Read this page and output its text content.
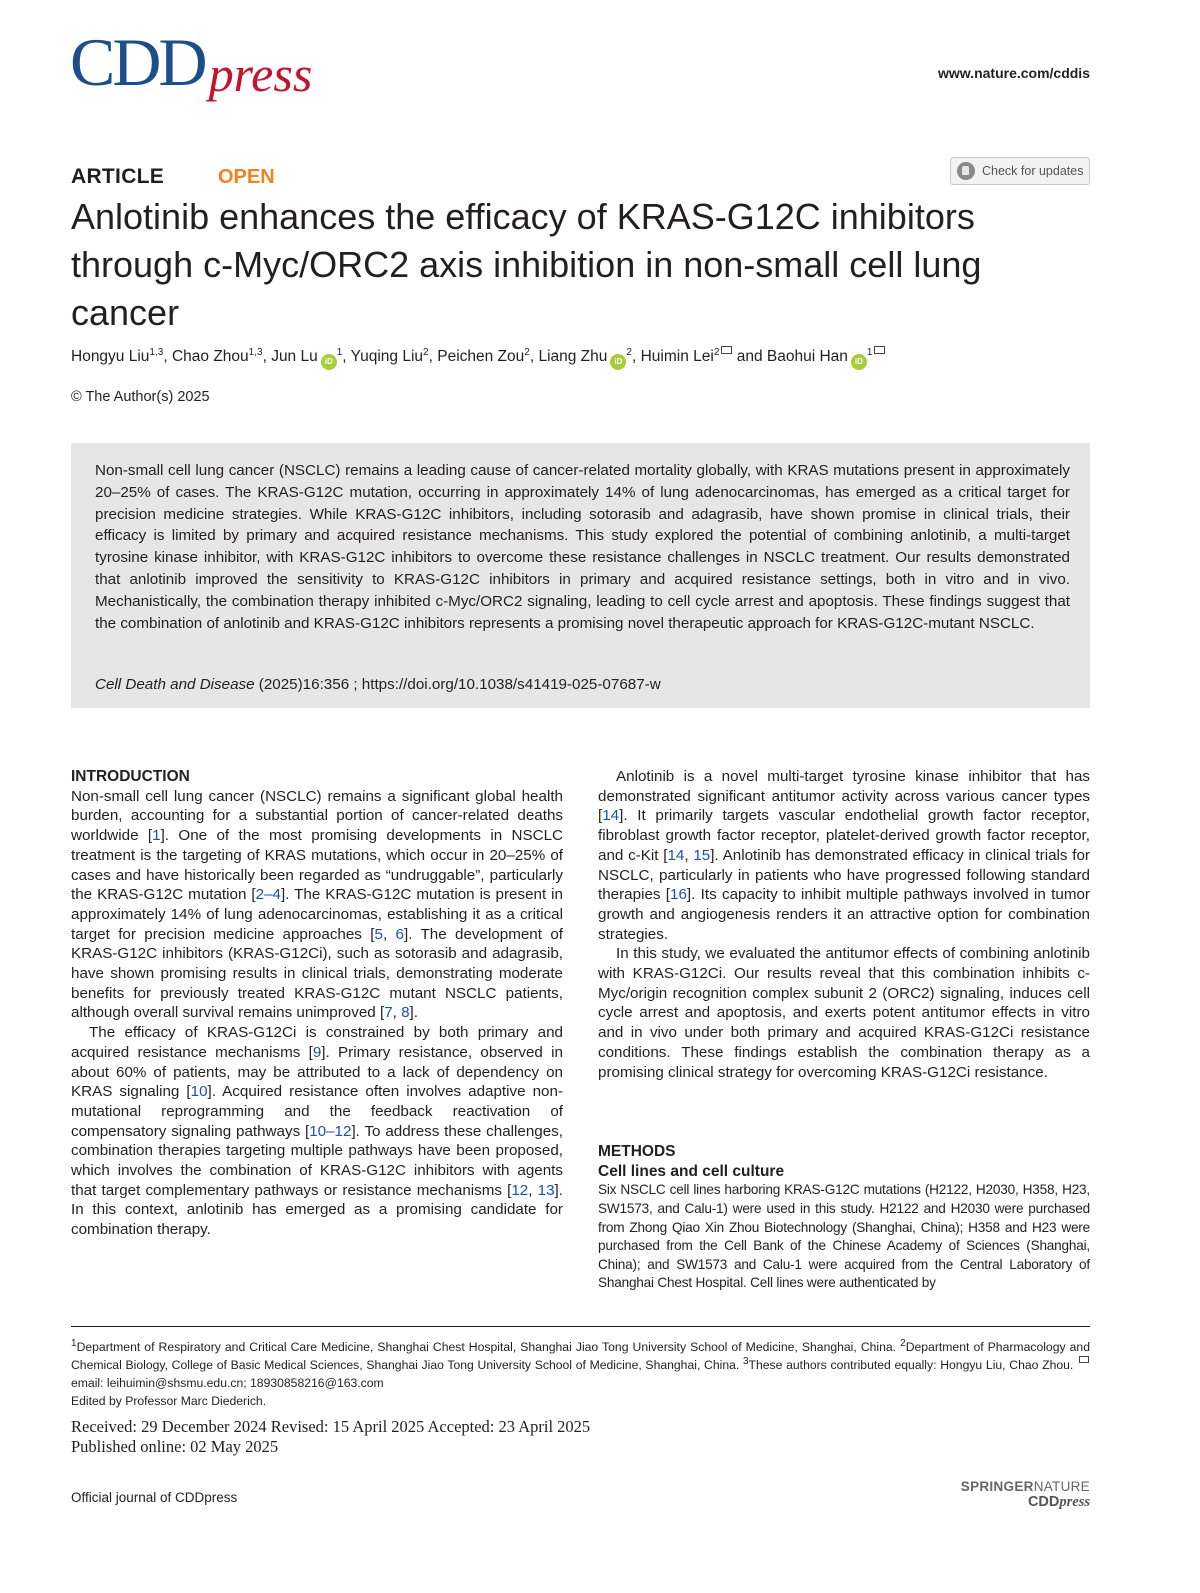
CDDpress	www.nature.com/cddis
ARTICLE	OPEN	Check for updates
Anlotinib enhances the efficacy of KRAS-G12C inhibitors through c-Myc/ORC2 axis inhibition in non-small cell lung cancer
Hongyu Liu$^{1,3}$, Chao Zhou$^{1,3}$, Jun Lu $iD^1$, Yuqing Liu$^2$, Peichen Zou$^2$, Liang Zhu $iD^2$, Huimin Lei$^2$ and Baohui Han $iD^1$
© The Author(s) 2025

Non-small cell lung cancer (NSCLC) remains a leading cause of cancer-related mortality globally, with KRAS mutations present in approximately 20–25% of cases. The KRAS-G12C mutation, occurring in approximately 14% of lung adenocarcinomas, has emerged as a critical target for precision medicine strategies. While KRAS-G12C inhibitors, including sotorasib and adagrasib, have shown promise in clinical trials, their efficacy is limited by primary and acquired resistance mechanisms. This study explored the potential of combining anlotinib, a multi-target tyrosine kinase inhibitor, with KRAS-G12C inhibitors to overcome these resistance challenges in NSCLC treatment. Our results demonstrated that anlotinib improved the sensitivity to KRAS-G12C inhibitors in primary and acquired resistance settings, both in vitro and in vivo. Mechanistically, the combination therapy inhibited c-Myc/ORC2 signaling, leading to cell cycle arrest and apoptosis. These findings suggest that the combination of anlotinib and KRAS-G12C inhibitors represents a promising novel therapeutic approach for KRAS-G12C-mutant NSCLC.

Cell Death and Disease (2025)16:356 ; https://doi.org/10.1038/s41419-025-07687-w
INTRODUCTION

Non-small cell lung cancer (NSCLC) remains a significant global health burden, accounting for a substantial portion of cancer-related deaths worldwide [1]. One of the most promising developments in NSCLC treatment is the targeting of KRAS mutations, which occur in 20–25% of cases and have historically been regarded as “undruggable”, particularly the KRAS-G12C mutation [2–4]. The KRAS-G12C mutation is present in approximately 14% of lung adenocarcinomas, establishing it as a critical target for precision medicine approaches [5, 6]. The development of KRAS-G12C inhibitors (KRAS-G12Ci), such as sotorasib and adagrasib, have shown promising results in clinical trials, demonstrating moderate benefits for previously treated KRAS-G12C mutant NSCLC patients, although overall survival remains unimproved [7, 8].

The efficacy of KRAS-G12Ci is constrained by both primary and acquired resistance mechanisms [9]. Primary resistance, observed in about 60% of patients, may be attributed to a lack of dependency on KRAS signaling [10]. Acquired resistance often involves adaptive non-mutational reprogramming and the feedback reactivation of compensatory signaling pathways [10–12]. To address these challenges, combination therapies targeting multiple pathways have been proposed, which involves the combination of KRAS-G12C inhibitors with agents that target complementary pathways or resistance mechanisms [12, 13]. In this context, anlotinib has emerged as a promising candidate for combination therapy.

Anlotinib is a novel multi-target tyrosine kinase inhibitor that has demonstrated significant antitumor activity across various cancer types [14]. It primarily targets vascular endothelial growth factor receptor, fibroblast growth factor receptor, platelet-derived growth factor receptor, and c-Kit [14, 15]. Anlotinib has demonstrated efficacy in clinical trials for NSCLC, particularly in patients who have progressed following standard therapies [16]. Its capacity to inhibit multiple pathways involved in tumor growth and angiogenesis renders it an attractive option for combination strategies.

In this study, we evaluated the antitumor effects of combining anlotinib with KRAS-G12Ci. Our results reveal that this combination inhibits c-Myc/origin recognition complex subunit 2 (ORC2) signaling, induces cell cycle arrest and apoptosis, and exerts potent antitumor effects in vitro and in vivo under both primary and acquired KRAS-G12Ci resistance conditions. These findings establish the combination therapy as a promising clinical strategy for overcoming KRAS-G12Ci resistance.

METHODS
Cell lines and cell culture

Six NSCLC cell lines harboring KRAS-G12C mutations (H2122, H2030, H358, H23, SW1573, and Calu-1) were used in this study. H2122 and H2030 were purchased from Zhong Qiao Xin Zhou Biotechnology (Shanghai, China); H358 and H23 were purchased from the Cell Bank of the Chinese Academy of Sciences (Shanghai, China); and SW1573 and Calu-1 were acquired from the Central Laboratory of Shanghai Chest Hospital. Cell lines were authenticated by

$^1$Department of Respiratory and Critical Care Medicine, Shanghai Chest Hospital, Shanghai Jiao Tong University School of Medicine, Shanghai, China. $^2$Department of Pharmacology and Chemical Biology, College of Basic Medical Sciences, Shanghai Jiao Tong University School of Medicine, Shanghai, China. $^3$These authors contributed equally: Hongyu Liu, Chao Zhou. email: leihuimin@shsmu.edu.cn; 18930858216@163.com
Edited by Professor Marc Diederich.
Received: 29 December 2024 Revised: 15 April 2025 Accepted: 23 April 2025
Published online: 02 May 2025
Official journal of CDDpress
SPRINGERNATURE
CDDpress
